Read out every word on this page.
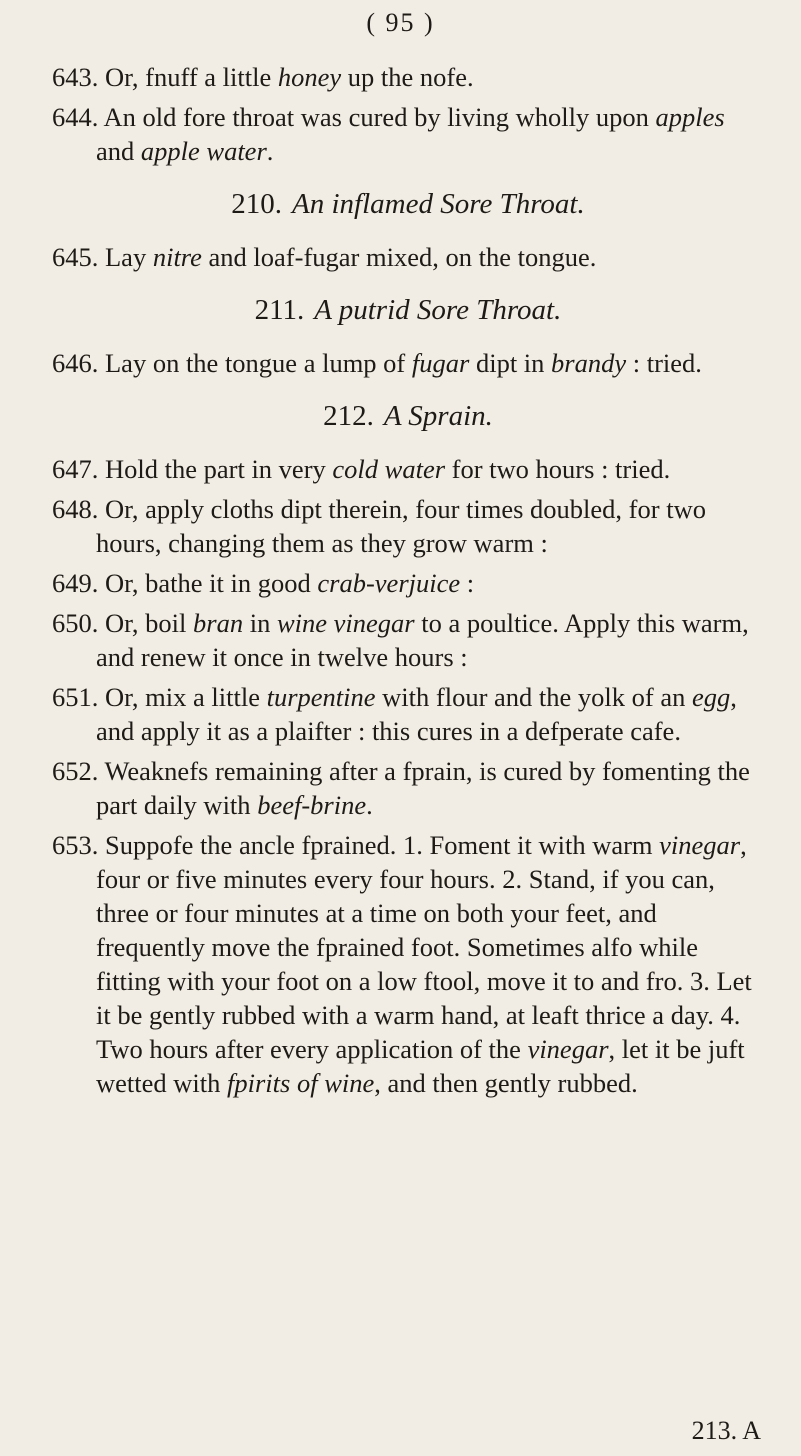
( 95 )

643. Or, fnuff a little honey up the nofe.

644. An old fore throat was cured by living wholly upon apples and apple water.

210. An inflamed Sore Throat.

645. Lay nitre and loaf-fugar mixed, on the tongue.

211. A putrid Sore Throat.

646. Lay on the tongue a lump of fugar dipt in brandy : tried.

212. A Sprain.

647. Hold the part in very cold water for two hours : tried.

648. Or, apply cloths dipt therein, four times doubled, for two hours, changing them as they grow warm :

649. Or, bathe it in good crab-verjuice :

650. Or, boil bran in wine vinegar to a poultice. Apply this warm, and renew it once in twelve hours :

651. Or, mix a little turpentine with flour and the yolk of an egg, and apply it as a plaifter : this cures in a defperate cafe.

652. Weaknefs remaining after a fprain, is cured by fomenting the part daily with beef-brine.

653. Suppofe the ancle fprained. 1. Foment it with warm vinegar, four or five minutes every four hours. 2. Stand, if you can, three or four minutes at a time on both your feet, and frequently move the fprained foot. Sometimes alfo while fitting with your foot on a low ftool, move it to and fro. 3. Let it be gently rubbed with a warm hand, at leaft thrice a day. 4. Two hours after every application of the vinegar, let it be juft wetted with fpirits of wine, and then gently rubbed.

213. A
